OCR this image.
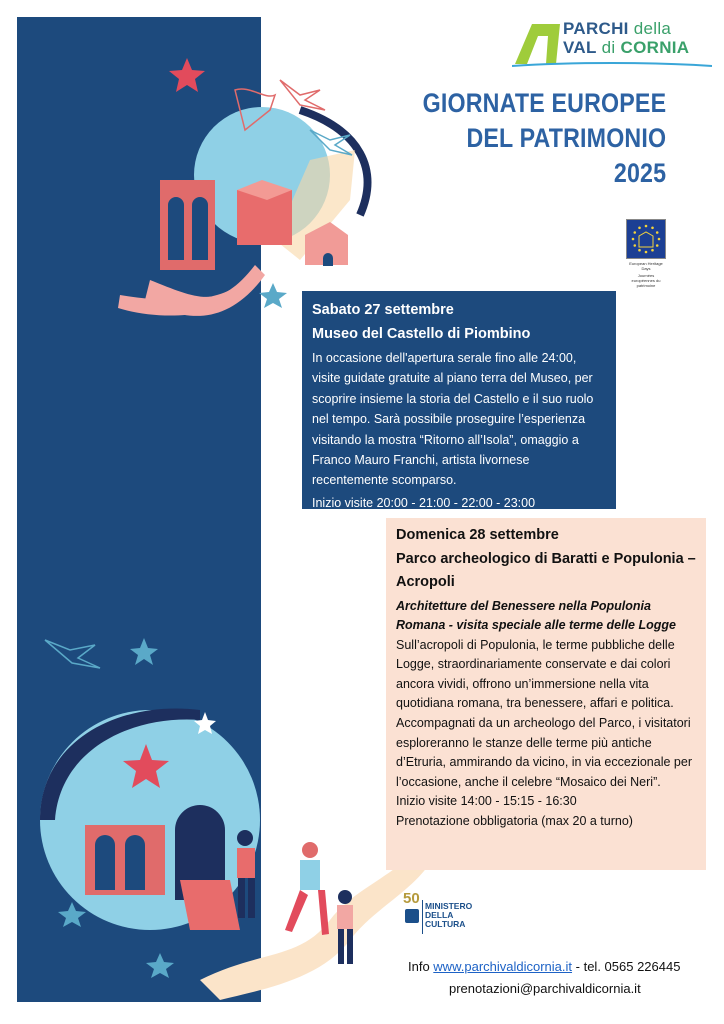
PARCHI della
VAL di CORNIA
GIORNATE EUROPEE
DEL PATRIMONIO
2025
European Heritage Days
Journées européennes du patrimoine
Sabato 27 settembre
Museo del Castello di Piombino
In occasione dell'apertura serale fino alle 24:00, visite guidate gratuite al piano terra del Museo, per scoprire insieme la storia del Castello e il suo ruolo nel tempo. Sarà possibile proseguire l’esperienza visitando la mostra “Ritorno all’Isola”, omaggio a Franco Mauro Franchi, artista livornese recentemente scomparso.
Inizio visite 20:00 - 21:00 - 22:00 - 23:00
Domenica 28 settembre
Parco archeologico di Baratti e Populonia – Acropoli
Architetture del Benessere nella Populonia Romana - visita speciale alle terme delle Logge
Sull’acropoli di Populonia, le terme pubbliche delle Logge, straordinariamente conservate e dai colori ancora vividi, offrono un’immersione nella vita quotidiana romana, tra benessere, affari e politica. Accompagnati da un archeologo del Parco, i visitatori esploreranno le stanze delle terme più antiche d’Etruria, ammirando da vicino, in via eccezionale per l’occasione, anche il celebre “Mosaico dei Neri”.
Inizio visite 14:00 - 15:15 - 16:30
Prenotazione obbligatoria (max 20 a turno)
50 MINISTERO
DELLA
CULTURA
Info www.parchivaldicornia.it - tel. 0565 226445
prenotazioni@parchivaldicornia.it
